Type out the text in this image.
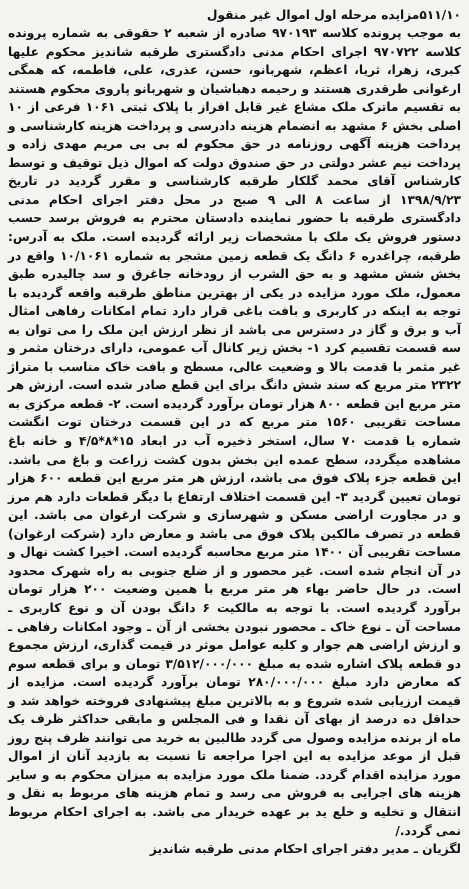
۵۱۱/۱۰مزایده مرحله اول اموال غیر منقول

به موجب پرونده کلاسه ۹۷۰۱۹۳ صادره از شعبه ۲ حقوقی به شماره پرونده کلاسه ۹۷۰۷۲۲ اجرای احکام مدنی دادگستری طرقبه شاندیز محکوم علیها کبری، زهرا، ثریا، اعظم، شهربانو، حسن، عذری، علی، فاطمه، که همگی ارغوانی طرقدری هستند و رحیمه دهباشیان و شهربانو پاروی محکوم هستند به تقسیم ماترک ملک مشاع غیر قابل افراز با پلاک ثبتی ۱۰۶۱ فرعی از ۱۰ اصلی بخش ۶ مشهد به انضمام هزینه دادرسی و پرداخت هزینه کارشناسی و پرداخت هزینه آگهی روزنامه در حق محکوم له بی بی مریم مهدی زاده و پرداخت نیم عشر دولتی در حق صندوق دولت که اموال ذیل توقیف و توسط کارشناس آقای محمد گلکار طرقبه کارشناسی و مقرر گردید در تاریخ ۱۳۹۸/۹/۲۳ از ساعت ۸ الی ۹ صبح در محل دفتر اجرای احکام مدنی دادگستری طرقبه با حضور نماینده دادستان محترم به فروش برسد حسب دستور فروش یک ملک با مشخصات زیر ارائه گردیده است. ملک به آدرس: طرقبه، چراغدره ۶ دانگ یک قطعه زمین مشجر به شماره ۱۰/۱۰۶۱ واقع در بخش شش مشهد و به حق الشرب از رودخانه جاغرق و سد چالیدره طبق معمول، ملک مورد مزایده در یکی از بهترین مناطق طرقبه واقعه گردیده با توجه به اینکه در کاربری و بافت باغی قرار دارد تمام امکانات رفاهی امثال آب و برق و گاز در دسترس می باشد از نظر ارزش این ملک را می توان به سه قسمت تقسیم کرد ۱- بخش زیر کانال آب عمومی، دارای درختان مثمر و غیر مثمر با قدمت بالا و وضعیت عالی، مسطح و بافت خاک مناسب با متراژ ۲۳۲۲ متر مربع که سند شش دانگ برای این قطع صادر شده است. ارزش هر متر مربع این قطعه ۸۰۰ هزار تومان برآورد گردیده است. ۲- قطعه مرکزی به مساحت تقریبی ۱۵۶۰ متر مربع که در این قسمت درختان توت انگشت شماره با قدمت ۷۰ سال، استخر ذخیره آب در ابعاد ۱۵*۸*۴/۵ و خانه باغ مشاهده میگردد، سطح عمده این بخش بدون کشت زراعت و باغ می باشد. این قطعه جزء پلاک فوق می باشد، ارزش هر متر مربع این قطعه ۶۰۰ هزار تومان تعیین گردید ۳- این قسمت اختلاف ارتفاع با دیگر قطعات دارد هم مرز و در مجاورت اراضی مسکن و شهرسازی و شرکت ارغوان می باشد. این قطعه در تصرف مالکین پلاک فوق می باشد و معارض دارد (شرکت ارغوان) مساحت تقریبی آن ۱۴۰۰ متر مربع محاسبه گردیده است. اخیرا کشت نهال و در آن انجام شده است. غیر محصور و از ضلع جنوبی به راه شهرک محدود است. در حال حاضر بهاء هر متر مربع با همین وضعیت ۲۰۰ هزار تومان برآورد گردیده است. با توجه به مالکیت ۶ دانگ بودن آن و نوع کاربری ـ مساحت آن ـ نوع خاک ـ محصور نبودن بخشی از آن ـ وجود امکانات رفاهی ـ و ارزش اراضی هم جوار و کلیه عوامل موثر در قیمت گذاری، ارزش مجموع دو قطعه پلاک اشاره شده به مبلغ ۳/۵۱۲/۰۰۰/۰۰۰ تومان و برای قطعه سوم که معارض دارد مبلغ ۲۸۰/۰۰۰/۰۰۰ تومان برآورد گردیده است. مزایده از قیمت ارزیابی شده شروع و به بالاترین مبلغ پیشنهادی فروخته خواهد شد و حداقل ده درصد از بهای آن نقدا و فی المجلس و مابقی حداکثر ظرف یک ماه از برنده مزایده وصول می گردد طالبین به خرید می توانند ظرف پنج روز قبل از موعد مزایده به این اجرا مراجعه تا نسبت به بازدید آنان از اموال مورد مزایده اقدام گردد. ضمنا ملک مورد مزایده به میزان محکوم به و سایر هزینه های اجرایی به فروش می رسد و تمام هزینه های مربوط به نقل و انتقال و تخلیه و خلع ید بر عهده خریدار می باشد. به اجرای احکام مربوط نمی گردد./

لگزیان ـ مدیر دفتر اجرای احکام مدنی طرقبه شاندیز
